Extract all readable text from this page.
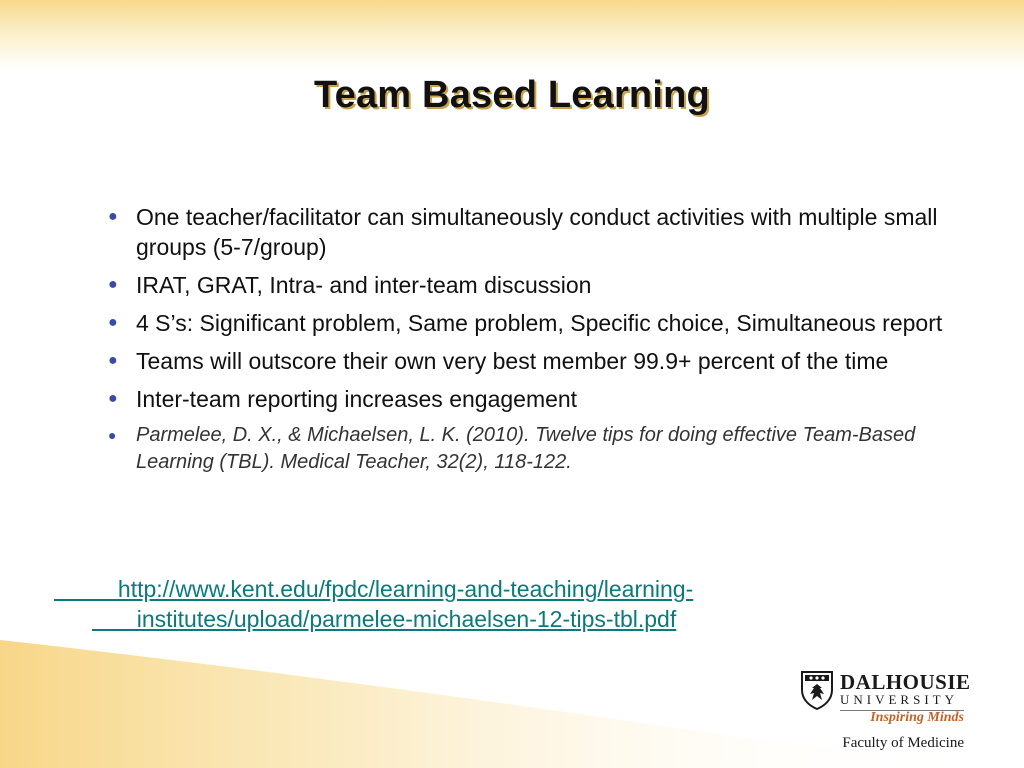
Team Based Learning
● One teacher/facilitator can simultaneously conduct activities with multiple small groups (5-7/group)
● IRAT, GRAT, Intra- and inter-team discussion
● 4 S’s: Significant problem, Same problem, Specific choice, Simultaneous report
● Teams will outscore their own very best member 99.9+ percent of the time
● Inter-team reporting increases engagement
● Parmelee, D. X., & Michaelsen, L. K. (2010). Twelve tips for doing effective Team-Based Learning (TBL). Medical Teacher, 32(2), 118-122.
http://www.kent.edu/fpdc/learning-and-teaching/learning-
institutes/upload/parmelee-michaelsen-12-tips-tbl.pdf
DALHOUSIE
UNIVERSITY
Inspiring Minds
Faculty of Medicine
